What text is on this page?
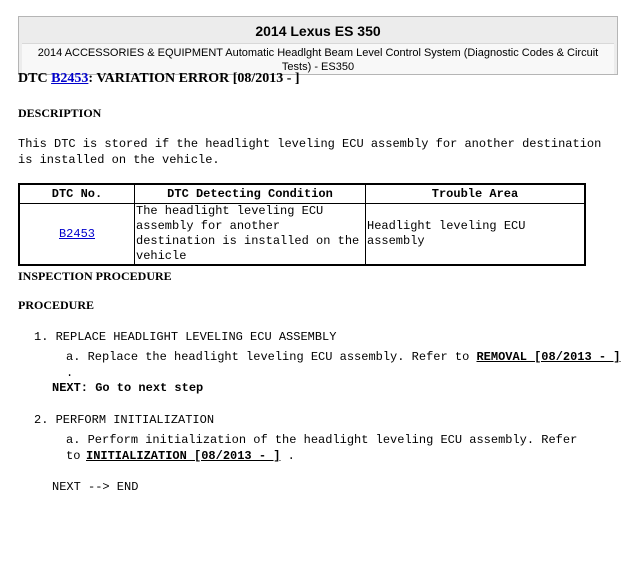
2014 Lexus ES 350
2014 ACCESSORIES & EQUIPMENT Automatic Headlght Beam Level Control System (Diagnostic Codes & Circuit Tests) - ES350
DTC B2453: VARIATION ERROR [08/2013 - ]
DESCRIPTION
This DTC is stored if the headlight leveling ECU assembly for another destination is installed on the vehicle.
DTC No.	DTC Detecting Condition	Trouble Area
B2453	The headlight leveling ECU assembly for another destination is installed on the vehicle	Headlight leveling ECU assembly
INSPECTION PROCEDURE
PROCEDURE
1. REPLACE HEADLIGHT LEVELING ECU ASSEMBLY
a. Replace the headlight leveling ECU assembly. Refer to REMOVAL [08/2013 - ] .
NEXT: Go to next step
2. PERFORM INITIALIZATION
a. Perform initialization of the headlight leveling ECU assembly. Refer to INITIALIZATION [08/2013 - ] .
NEXT --> END
